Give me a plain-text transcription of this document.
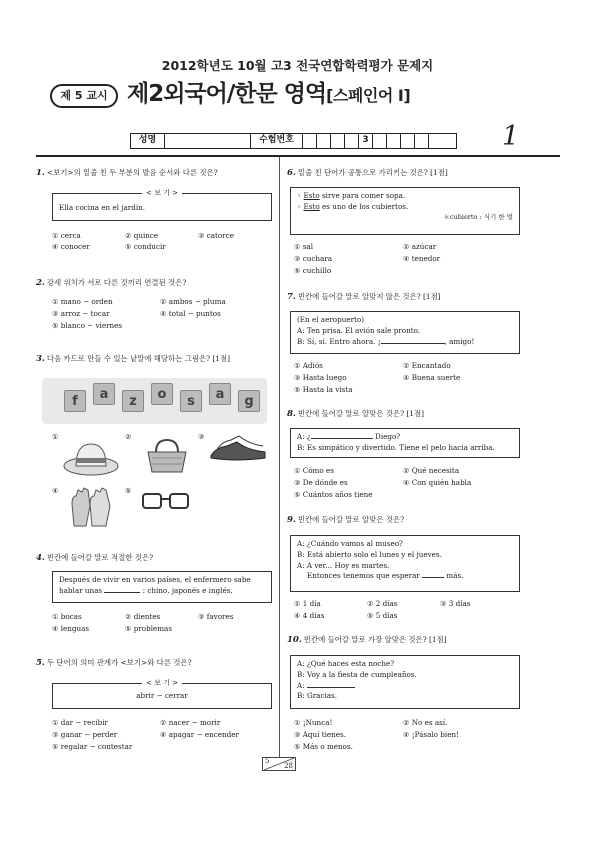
2012학년도 10월 고3 전국연합학력평가 문제지
제 5 교시 제2외국어/한문 영역[스페인어 I]
성명	수험번호	3	1
1. <보기>의 밑줄 친 두 부분의 발음 순서와 다른 것은?
< 보 기 >
Ella cocina en el jardín.
① cerca	② quince	③ catorce
④ conocer	⑤ conducir
2. 강세 위치가 서로 다른 것끼리 연결된 것은?
① mano − orden	② ambos − pluma
③ arroz − tocar	④ total − puntos
⑤ blanco − viernes
3. 다음 카드로 만들 수 있는 낱말에 해당하는 그림은? [1점]
f	a	z	o	s	a	g
①	②	③
④	⑤
4. 빈칸에 들어갈 말로 적절한 것은?
Después de vivir en varios países, el enfermero sabe
hablar unas	: chino, japonés e inglés.
① bocas	② dientes	③ favores
④ lenguas	⑤ problemas
5. 두 단어의 의미 관계가 <보기>와 다른 것은?
< 보 기 >
abrir − cerrar
① dar − recibir	② nacer − morir
③ ganar − perder	④ apagar − encender
⑤ regalar − contestar
6. 밑줄 친 단어가 공통으로 가리키는 것은? [1점]
◦ Esto sirve para comer sopa.
◦ Esto es uno de los cubiertos.
＊cubierto : 식기 한 벌
① sal	② azúcar
③ cuchara	④ tenedor
⑤ cuchillo
7. 빈칸에 들어갈 말로 알맞지 않은 것은? [1점]
(En el aeropuerto)
A: Ten prisa. El avión sale pronto.
B: Sí, sí. Entro ahora. ¡	, amigo!
① Adiós	② Encantado
③ Hasta luego	④ Buena suerte
⑤ Hasta la vista
8. 빈칸에 들어갈 말로 알맞은 것은? [1점]
A: ¿	Diego?
B: Es simpático y divertido. Tiene el pelo hacia arriba.
① Cómo es	② Qué necesita
③ De dónde es	④ Con quién habla
⑤ Cuántos años tiene
9. 빈칸에 들어갈 말로 알맞은 것은?
A: ¿Cuándo vamos al museo?
B: Está abierto solo el lunes y el jueves.
A: A ver... Hoy es martes.
Entonces tenemos que esperar	más.
① 1 día	② 2 días	③ 3 días
④ 4 días	⑤ 5 días
10. 빈칸에 들어갈 말로 가장 알맞은 것은? [1점]
A: ¿Qué haces esta noche?
B: Voy a la fiesta de cumpleaños.
A:
B: Gracias.
① ¡Nunca!	② No es así.
③ Aquí tienes.	④ ¡Pásalo bien!
⑤ Más o menos.
5
28
